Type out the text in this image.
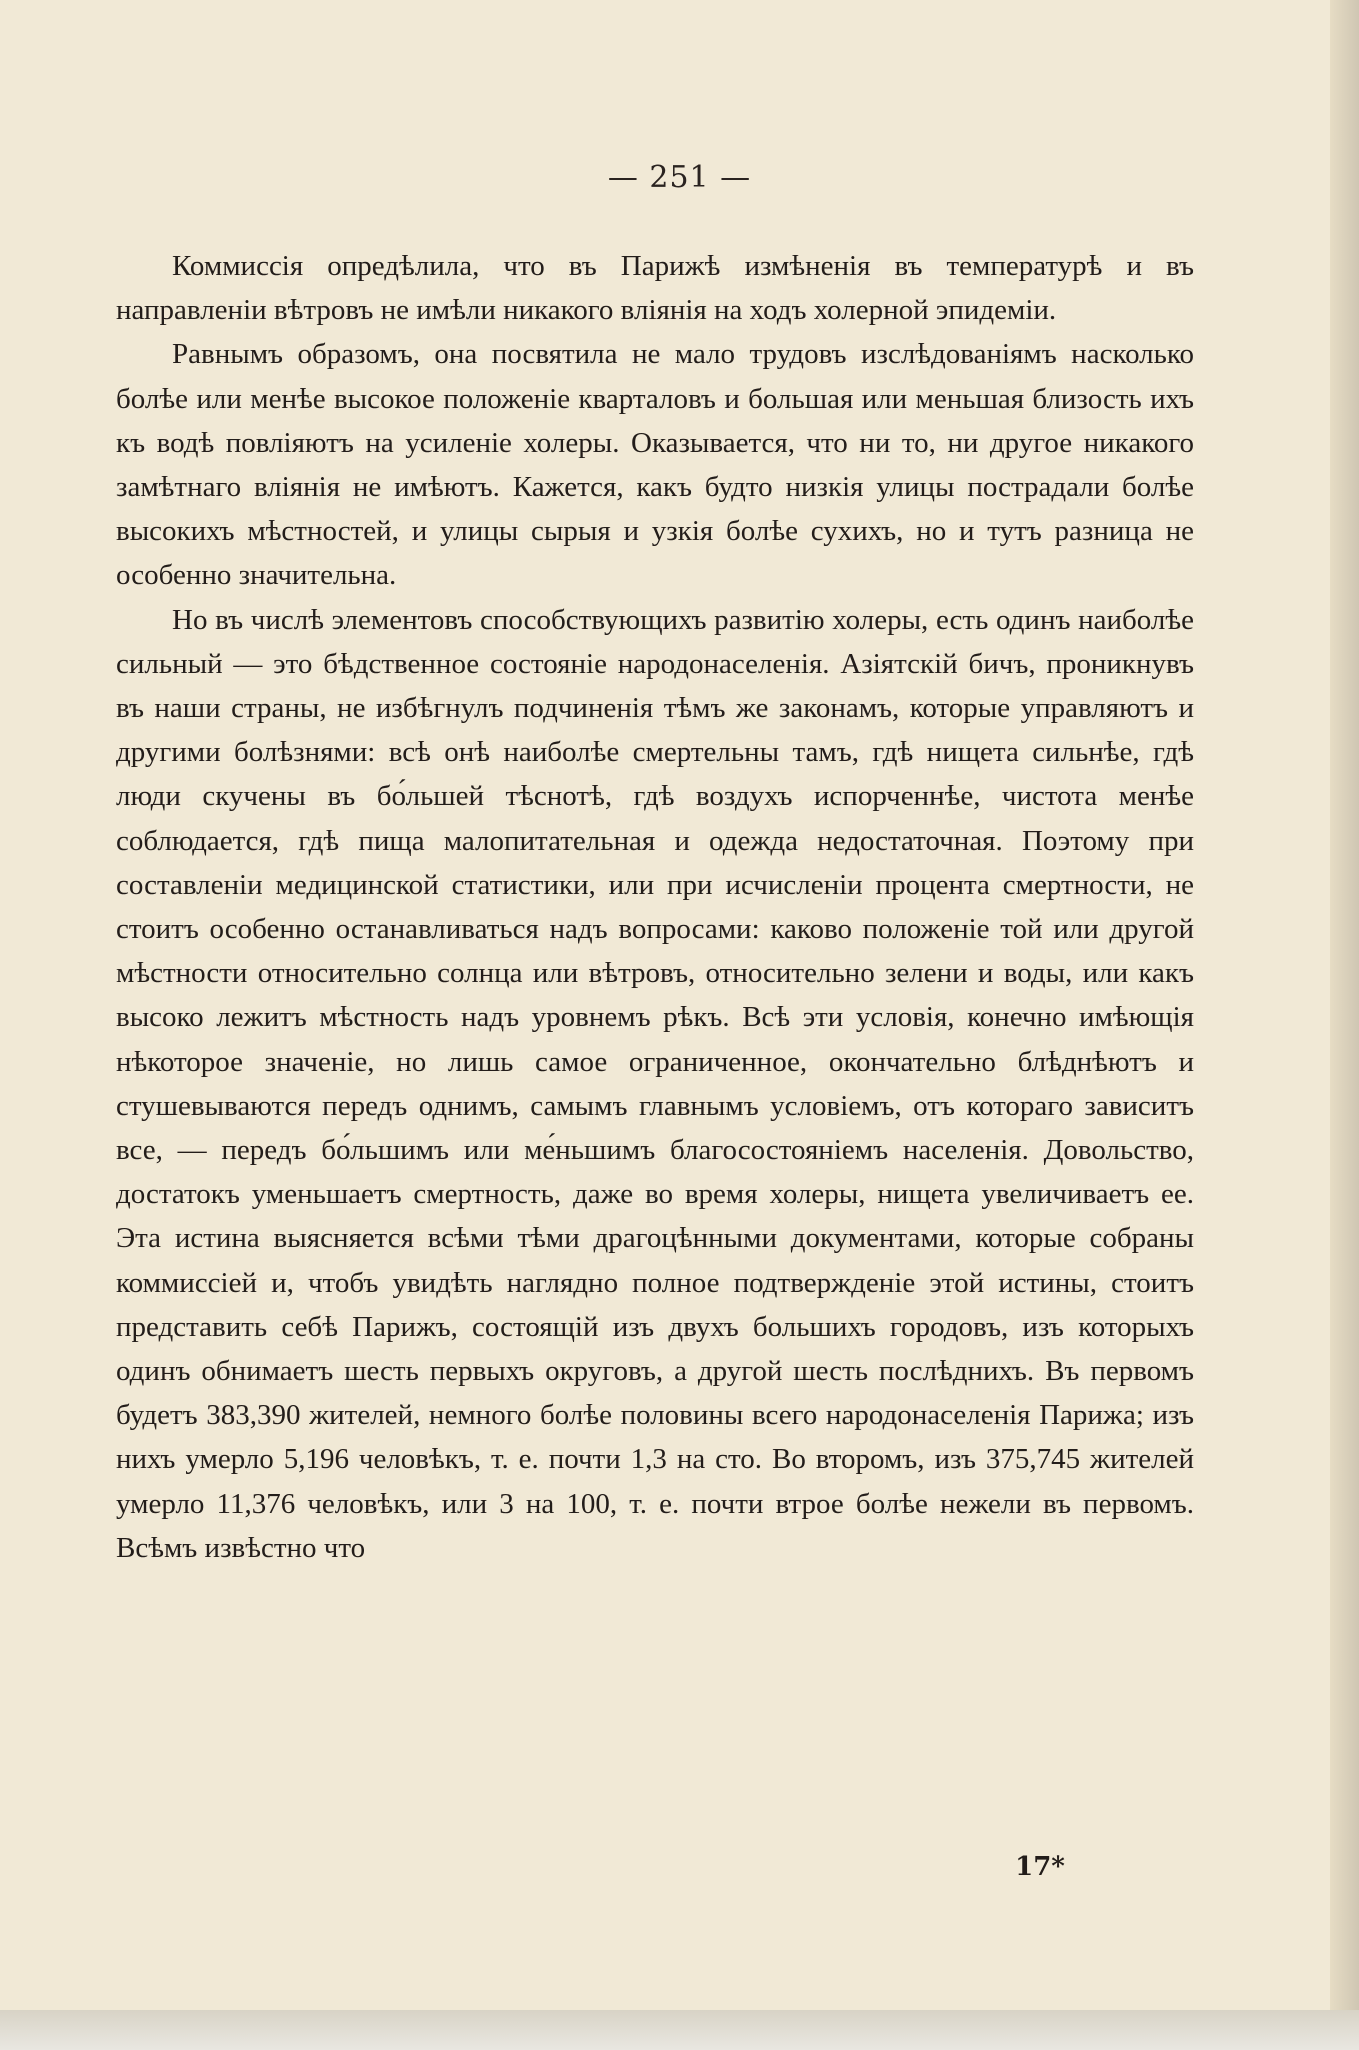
— 251 —

Коммиссія опредѣлила, что въ Парижѣ измѣненія въ температурѣ и въ направленіи вѣтровъ не имѣли никакого вліянія на ходъ холерной эпидеміи.

Равнымъ образомъ, она посвятила не мало трудовъ изслѣдованіямъ насколько болѣе или менѣе высокое положеніе кварталовъ и большая или меньшая близость ихъ къ водѣ повліяютъ на усиленіе холеры. Оказывается, что ни то, ни другое никакого замѣтнаго вліянія не имѣютъ. Кажется, какъ будто низкія улицы пострадали болѣе высокихъ мѣстностей, и улицы сырыя и узкія болѣе сухихъ, но и тутъ разница не особенно значительна.

Но въ числѣ элементовъ способствующихъ развитію холеры, есть одинъ наиболѣе сильный — это бѣдственное состояніе народонаселенія. Азіятскій бичъ, проникнувъ въ наши страны, не избѣгнулъ подчиненія тѣмъ же законамъ, которые управляютъ и другими болѣзнями: всѣ онѣ наиболѣе смертельны тамъ, гдѣ нищета сильнѣе, гдѣ люди скучены въ бо́льшей тѣснотѣ, гдѣ воздухъ испорченнѣе, чистота менѣе соблюдается, гдѣ пища малопитательная и одежда недостаточная. Поэтому при составленіи медицинской статистики, или при исчисленіи процента смертности, не стоитъ особенно останавливаться надъ вопросами: каково положеніе той или другой мѣстности относительно солнца или вѣтровъ, относительно зелени и воды, или какъ высоко лежитъ мѣстность надъ уровнемъ рѣкъ. Всѣ эти условія, конечно имѣющія нѣкоторое значеніе, но лишь самое ограниченное, окончательно блѣднѣютъ и стушевываются передъ однимъ, самымъ главнымъ условіемъ, отъ котораго зависитъ все, — передъ бо́льшимъ или ме́ньшимъ благосостояніемъ населенія. Довольство, достатокъ уменьшаетъ смертность, даже во время холеры, нищета увеличиваетъ ее. Эта истина выясняется всѣми тѣми драгоцѣнными документами, которые собраны коммиссіей и, чтобъ увидѣть наглядно полное подтвержденіе этой истины, стоитъ представить себѣ Парижъ, состоящій изъ двухъ большихъ городовъ, изъ которыхъ одинъ обнимаетъ шесть первыхъ округовъ, а другой шесть послѣднихъ. Въ первомъ будетъ 383,390 жителей, немного болѣе половины всего народонаселенія Парижа; изъ нихъ умерло 5,196 человѣкъ, т. е. почти 1,3 на сто. Во второмъ, изъ 375,745 жителей умерло 11,376 человѣкъ, или 3 на 100, т. е. почти втрое болѣе нежели въ первомъ. Всѣмъ извѣстно что

17*
